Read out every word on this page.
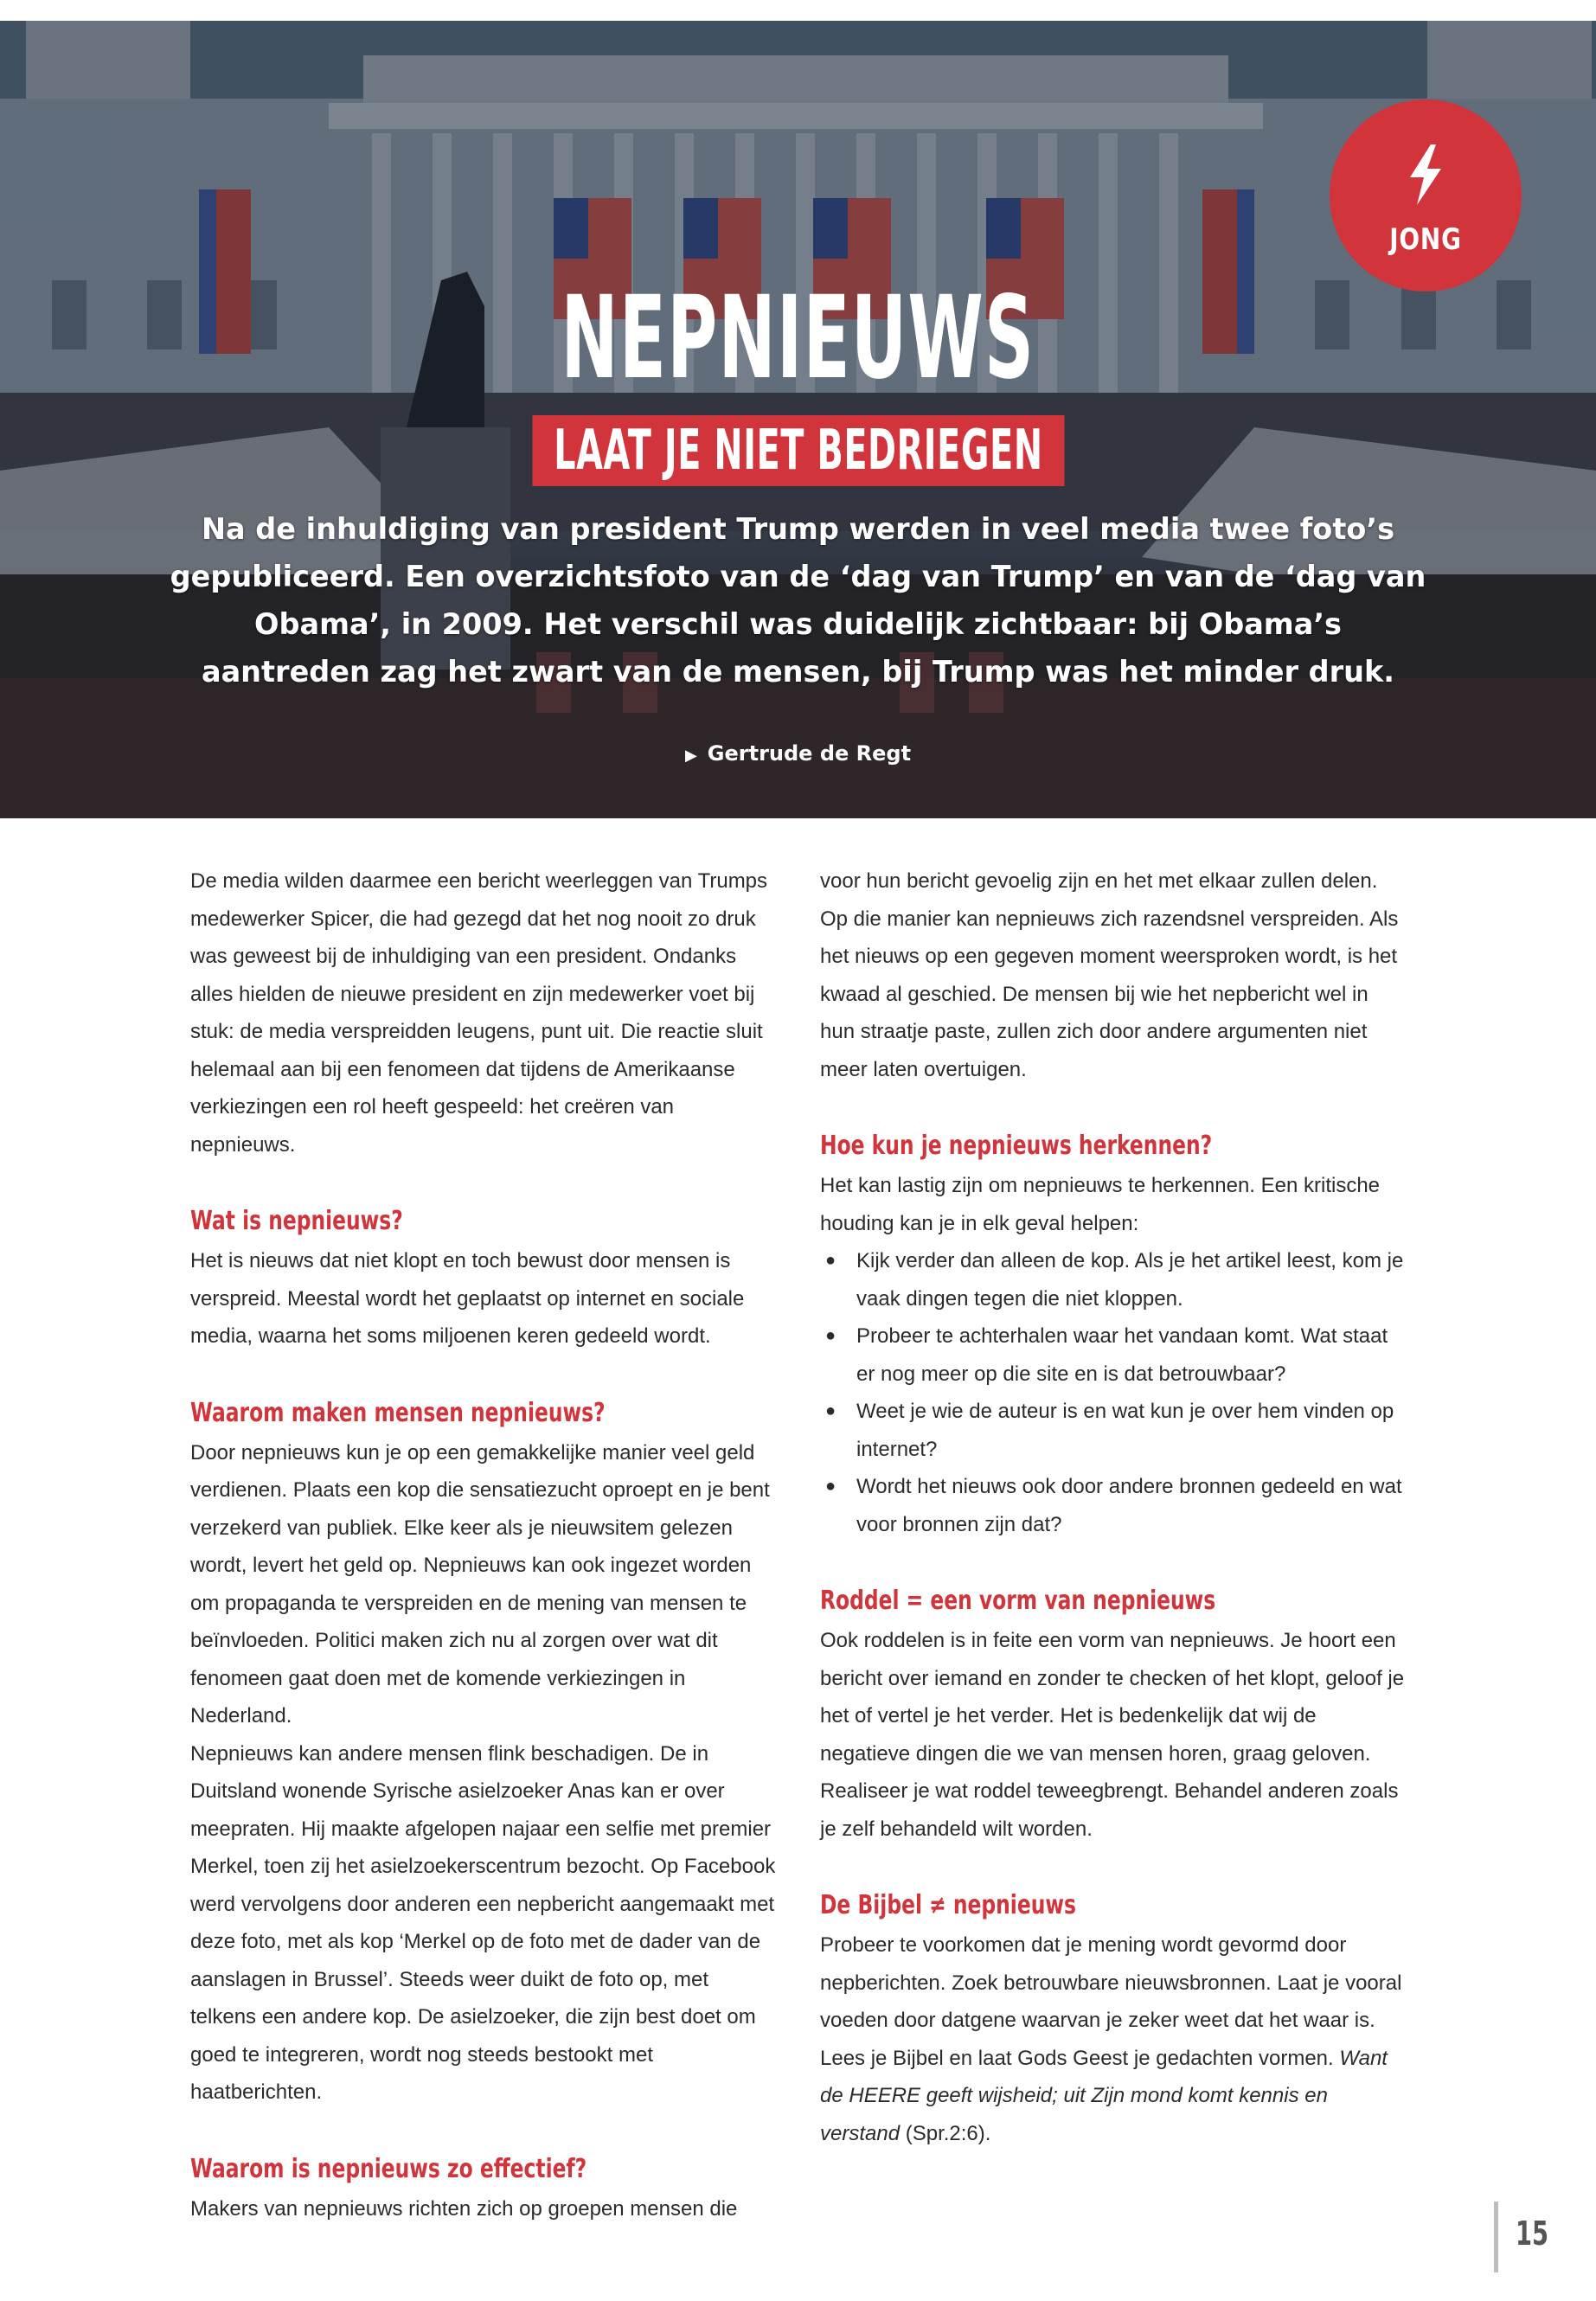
JONG
NEPNIEUWS
LAAT JE NIET BEDRIEGEN
Na de inhuldiging van president Trump werden in veel media twee foto’s gepubliceerd. Een overzichtsfoto van de ‘dag van Trump’ en van de ‘dag van Obama’, in 2009. Het verschil was duidelijk zichtbaar: bij Obama’s aantreden zag het zwart van de mensen, bij Trump was het minder druk.
▶ Gertrude de Regt

De media wilden daarmee een bericht weerleggen van Trumps medewerker Spicer, die had gezegd dat het nog nooit zo druk was geweest bij de inhuldiging van een president. Ondanks alles hielden de nieuwe president en zijn medewerker voet bij stuk: de media verspreidden leugens, punt uit. Die reactie sluit helemaal aan bij een fenomeen dat tijdens de Amerikaanse verkiezingen een rol heeft gespeeld: het creëren van nepnieuws.

Wat is nepnieuws?

Het is nieuws dat niet klopt en toch bewust door mensen is verspreid. Meestal wordt het geplaatst op internet en sociale media, waarna het soms miljoenen keren gedeeld wordt.

Waarom maken mensen nepnieuws?

Door nepnieuws kun je op een gemakkelijke manier veel geld verdienen. Plaats een kop die sensatiezucht oproept en je bent verzekerd van publiek. Elke keer als je nieuwsitem gelezen wordt, levert het geld op. Nepnieuws kan ook ingezet worden om propaganda te verspreiden en de mening van mensen te beïnvloeden. Politici maken zich nu al zorgen over wat dit fenomeen gaat doen met de komende verkiezingen in Nederland.

Nepnieuws kan andere mensen flink beschadigen. De in Duitsland wonende Syrische asielzoeker Anas kan er over meepraten. Hij maakte afgelopen najaar een selfie met premier Merkel, toen zij het asielzoekerscentrum bezocht. Op Facebook werd vervolgens door anderen een nepbericht aangemaakt met deze foto, met als kop ‘Merkel op de foto met de dader van de aanslagen in Brussel’. Steeds weer duikt de foto op, met telkens een andere kop. De asielzoeker, die zijn best doet om goed te integreren, wordt nog steeds bestookt met haatberichten.

Waarom is nepnieuws zo effectief?

Makers van nepnieuws richten zich op groepen mensen die

voor hun bericht gevoelig zijn en het met elkaar zullen delen. Op die manier kan nepnieuws zich razendsnel verspreiden. Als het nieuws op een gegeven moment weersproken wordt, is het kwaad al geschied. De mensen bij wie het nepbericht wel in hun straatje paste, zullen zich door andere argumenten niet meer laten overtuigen.

Hoe kun je nepnieuws herkennen?

Het kan lastig zijn om nepnieuws te herkennen. Een kritische houding kan je in elk geval helpen:

● Kijk verder dan alleen de kop. Als je het artikel leest, kom je vaak dingen tegen die niet kloppen.
● Probeer te achterhalen waar het vandaan komt. Wat staat er nog meer op die site en is dat betrouwbaar?
● Weet je wie de auteur is en wat kun je over hem vinden op internet?
● Wordt het nieuws ook door andere bronnen gedeeld en wat voor bronnen zijn dat?
Roddel = een vorm van nepnieuws

Ook roddelen is in feite een vorm van nepnieuws. Je hoort een bericht over iemand en zonder te checken of het klopt, geloof je het of vertel je het verder. Het is bedenkelijk dat wij de negatieve dingen die we van mensen horen, graag geloven. Realiseer je wat roddel teweegbrengt. Behandel anderen zoals je zelf behandeld wilt worden.

De Bijbel ≠ nepnieuws

Probeer te voorkomen dat je mening wordt gevormd door nepberichten. Zoek betrouwbare nieuwsbronnen. Laat je vooral voeden door datgene waarvan je zeker weet dat het waar is. Lees je Bijbel en laat Gods Geest je gedachten vormen. Want de HEERE geeft wijsheid; uit Zijn mond komt kennis en verstand (Spr.2:6).

15
